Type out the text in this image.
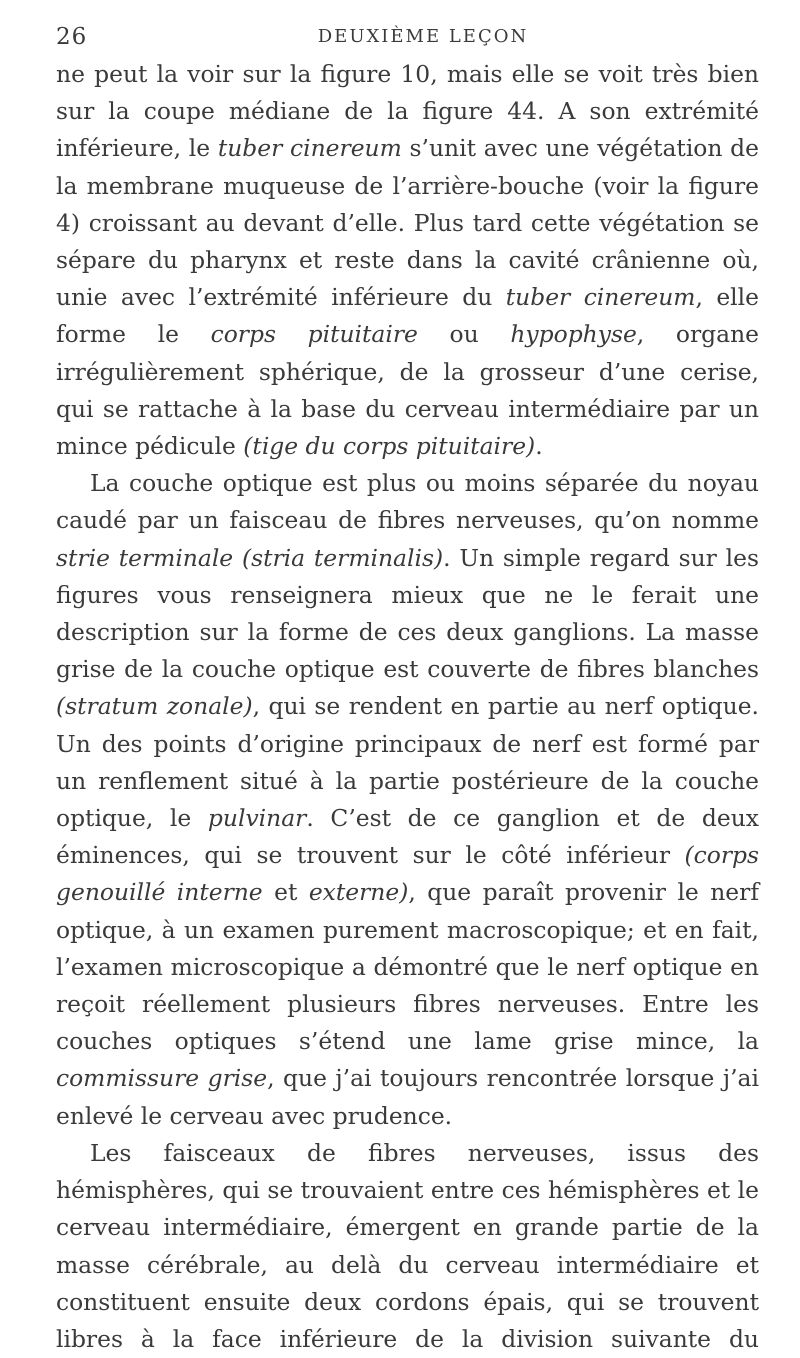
26	DEUXIÈME LEÇON

ne peut la voir sur la figure 10, mais elle se voit très bien sur la coupe médiane de la figure 44. A son extrémité inférieure, le tuber cinereum s’unit avec une végétation de la membrane muqueuse de l’arrière-bouche (voir la figure 4) croissant au devant d’elle. Plus tard cette végétation se sépare du pharynx et reste dans la cavité crânienne où, unie avec l’extrémité inférieure du tuber cinereum, elle forme le corps pituitaire ou hypophyse, organe irrégulièrement sphérique, de la grosseur d’une cerise, qui se rattache à la base du cerveau intermédiaire par un mince pédicule (tige du corps pituitaire).

La couche optique est plus ou moins séparée du noyau caudé par un faisceau de fibres nerveuses, qu’on nomme strie terminale (stria terminalis). Un simple regard sur les figures vous renseignera mieux que ne le ferait une description sur la forme de ces deux ganglions. La masse grise de la couche optique est couverte de fibres blanches (stratum zonale), qui se rendent en partie au nerf optique. Un des points d’origine principaux de nerf est formé par un renflement situé à la partie postérieure de la couche optique, le pulvinar. C’est de ce ganglion et de deux éminences, qui se trouvent sur le côté inférieur (corps genouillé interne et externe), que paraît provenir le nerf optique, à un examen purement macroscopique; et en fait, l’examen microscopique a démontré que le nerf optique en reçoit réellement plusieurs fibres nerveuses. Entre les couches optiques s’étend une lame grise mince, la commissure grise, que j’ai toujours rencontrée lorsque j’ai enlevé le cerveau avec prudence.

Les faisceaux de fibres nerveuses, issus des hémisphères, qui se trouvaient entre ces hémisphères et le cerveau intermédiaire, émergent en grande partie de la masse cérébrale, au delà du cerveau intermédiaire et constituent ensuite deux cordons épais, qui se trouvent libres à la face inférieure de la division suivante du
